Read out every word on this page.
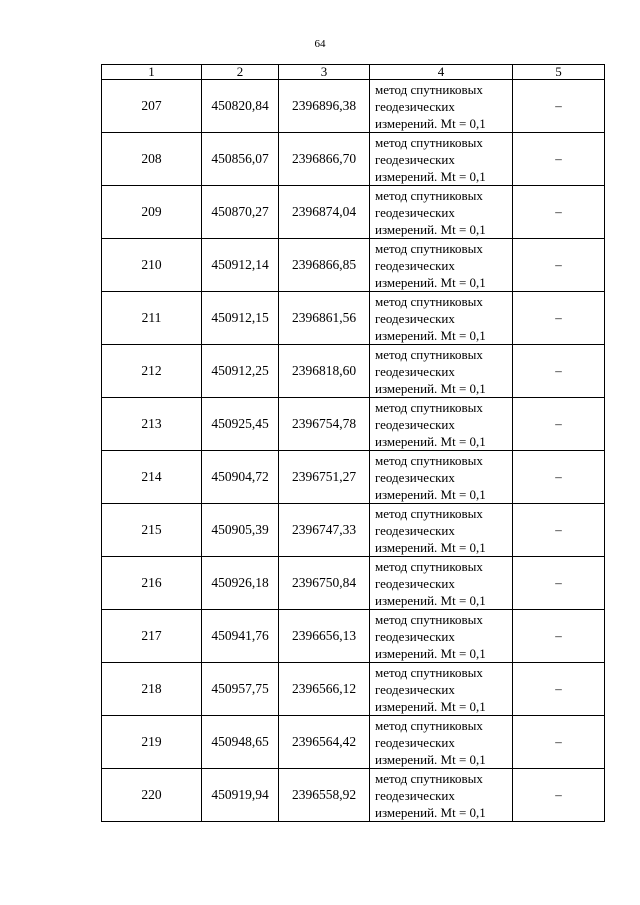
64
1	2	3	4	5
207	450820,84	2396896,38	метод спутниковых
геодезических
измерений. Mt = 0,1	–
208	450856,07	2396866,70	метод спутниковых
геодезических
измерений. Mt = 0,1	–
209	450870,27	2396874,04	метод спутниковых
геодезических
измерений. Mt = 0,1	–
210	450912,14	2396866,85	метод спутниковых
геодезических
измерений. Mt = 0,1	–
211	450912,15	2396861,56	метод спутниковых
геодезических
измерений. Mt = 0,1	–
212	450912,25	2396818,60	метод спутниковых
геодезических
измерений. Mt = 0,1	–
213	450925,45	2396754,78	метод спутниковых
геодезических
измерений. Mt = 0,1	–
214	450904,72	2396751,27	метод спутниковых
геодезических
измерений. Mt = 0,1	–
215	450905,39	2396747,33	метод спутниковых
геодезических
измерений. Mt = 0,1	–
216	450926,18	2396750,84	метод спутниковых
геодезических
измерений. Mt = 0,1	–
217	450941,76	2396656,13	метод спутниковых
геодезических
измерений. Mt = 0,1	–
218	450957,75	2396566,12	метод спутниковых
геодезических
измерений. Mt = 0,1	–
219	450948,65	2396564,42	метод спутниковых
геодезических
измерений. Mt = 0,1	–
220	450919,94	2396558,92	метод спутниковых
геодезических
измерений. Mt = 0,1	–
